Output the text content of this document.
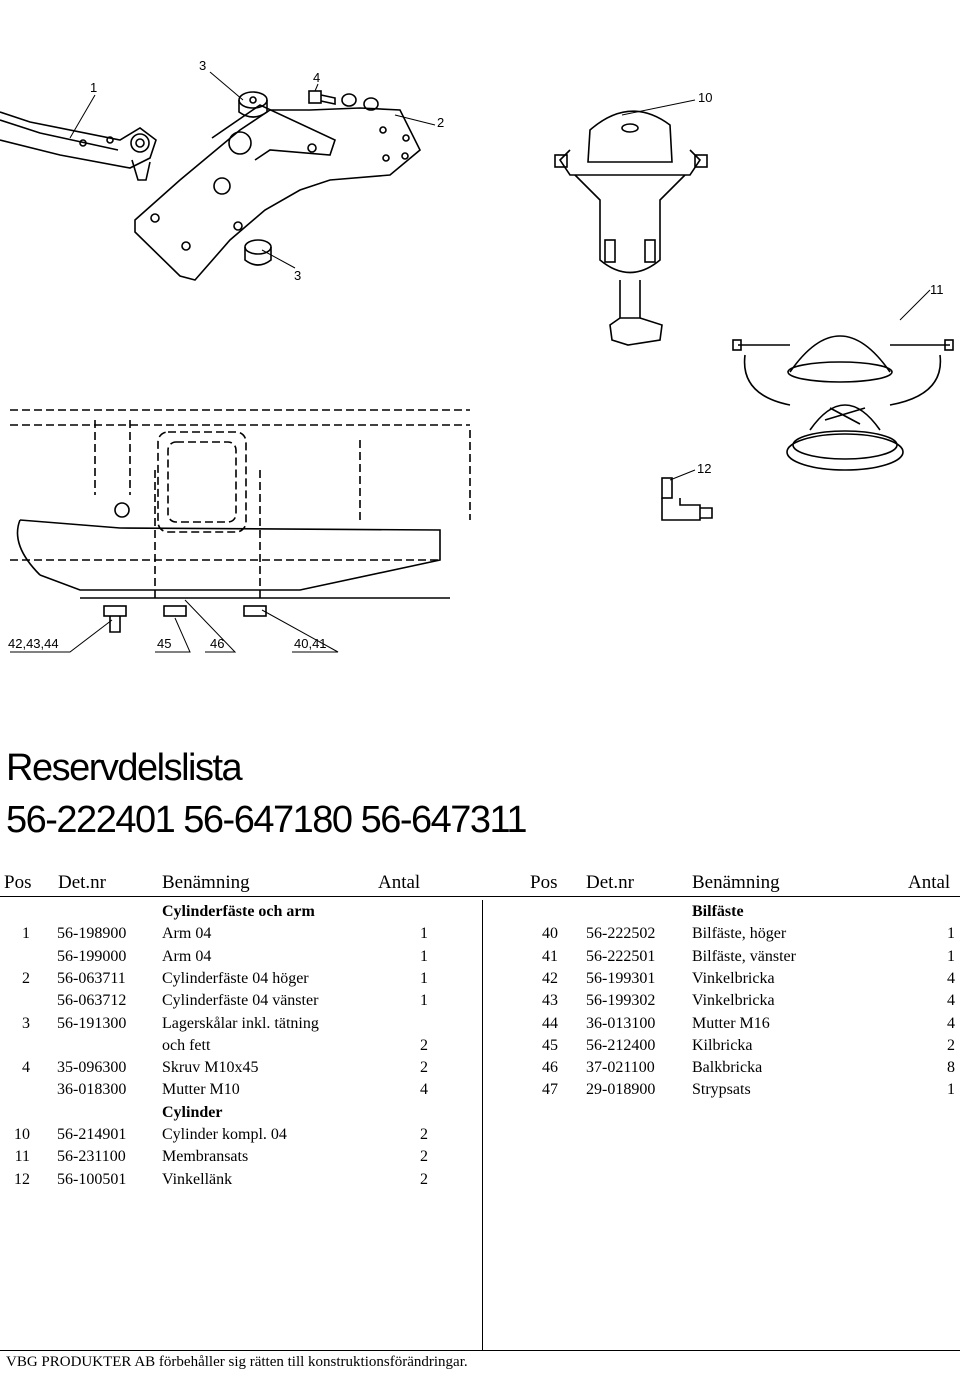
1
3
4
2
3
10
11
12
42,43,44	45	46	40,41
Reservdelslista
56-222401 56-647180 56-647311
Pos Det.nr	Benämning	Antal	Pos Det.nr	Benämning	Antal
Cylinderfäste och arm
1 56-198900 Arm 04	1
56-199000 Arm 04	1
2 56-063711 Cylinderfäste 04 höger	1
56-063712 Cylinderfäste 04 vänster	1
3 56-191300 Lagerskålar inkl. tätning
och fett	2
4 35-096300 Skruv M10x45	2
36-018300 Mutter M10	4
Cylinder
10 56-214901 Cylinder kompl. 04	2
11 56-231100 Membransats	2
12 56-100501 Vinkellänk	2
Bilfäste
40 56-222502 Bilfäste, höger	1
41 56-222501 Bilfäste, vänster	1
42 56-199301 Vinkelbricka	4
43 56-199302 Vinkelbricka	4
44 36-013100 Mutter M16	4
45 56-212400 Kilbricka	2
46 37-021100 Balkbricka	8
47 29-018900 Strypsats	1
VBG PRODUKTER AB förbehåller sig rätten till konstruktionsförändringar.
